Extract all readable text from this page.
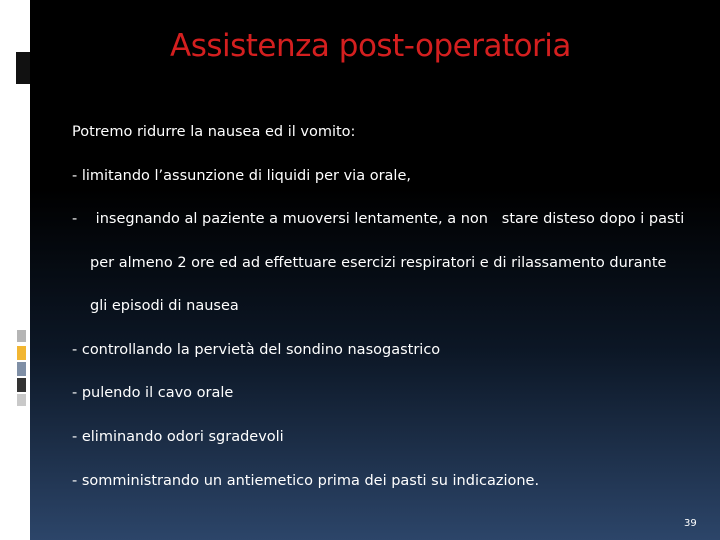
Assistenza post-operatoria
Potremo ridurre la nausea ed il vomito:
- limitando l’assunzione di liquidi per via orale,
-    insegnando al paziente a muoversi lentamente, a non   stare disteso dopo i pasti
per almeno 2 ore ed ad effettuare esercizi respiratori e di rilassamento durante
gli episodi di nausea
- controllando la pervietà del sondino nasogastrico
- pulendo il cavo orale
- eliminando odori sgradevoli
- somministrando un antiemetico prima dei pasti su indicazione.
39
